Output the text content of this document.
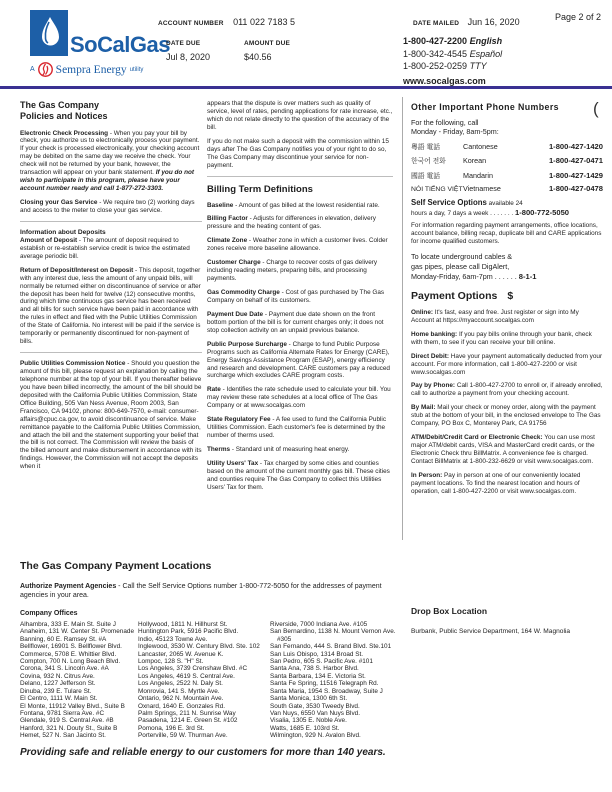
SoCalGas
A Sempra Energy utility
ACCOUNT NUMBER 011 022 7183 5
DATE DUE	AMOUNT DUE
Jul 8, 2020	$40.56
DATE MAILED Jun 16, 2020	Page 2 of 2
1-800-427-2200 English
1-800-342-4545 Español
1-800-252-0259 TTY
www.socalgas.com
The Gas Company
Policies and Notices

Electronic Check Processing - When you pay your bill by check, you authorize us to electronically process your payment. If your check is processed electronically, your checking account may be debited on the same day we receive the check. Your check will not be returned by your bank, however, the transaction will appear on your bank statement. If you do not wish to participate in this program, please have your account number ready and call 1-877-272-3303.

Closing your Gas Service - We require two (2) working days and access to the meter to close your gas service.

Information about Deposits

Amount of Deposit - The amount of deposit required to establish or re-establish service credit is twice the estimated average periodic bill.

Return of Deposit/Interest on Deposit - This deposit, together with any interest due, less the amount of any unpaid bills, will normally be returned either on discontinuance of service or after the deposit has been held for twelve (12) consecutive months, during which time continuous gas service has been received and all bills for such service have been paid in accordance with the rules in effect and filed with the Public Utilities Commission of the State of California. No interest will be paid if the service is temporarily or permanently discontinued for non-payment of bills.

Public Utilities Commission Notice - Should you question the amount of this bill, please request an explanation by calling the telephone number at the top of your bill. If you thereafter believe you have been billed incorrectly, the amount of the bill should be deposited with the California Public Utilities Commission, State Office Building, 505 Van Ness Avenue, Room 2003, San Francisco, CA 94102, phone: 800-649-7570, e-mail: consumer-affairs@cpuc.ca.gov, to avoid discontinuance of service. Make remittance payable to the California Public Utilities Commission, and attach the bill and the statement supporting your belief that the bill is not correct. The Commission will review the basis of the billed amount and make disbursement in accordance with its findings. However, the Commission will not accept the deposits when it

appears that the dispute is over matters such as quality of service, level of rates, pending applications for rate increase, etc., which do not relate directly to the question of the accuracy of the bill.

If you do not make such a deposit with the commission within 15 days after The Gas Company notifies you of your right to do so, The Gas Company may discontinue your service for non-payment.

Billing Term Definitions

Baseline - Amount of gas billed at the lowest residential rate.

Billing Factor - Adjusts for differences in elevation, delivery pressure and the heating content of gas.

Climate Zone - Weather zone in which a customer lives. Colder zones receive more baseline allowance.

Customer Charge - Charge to recover costs of gas delivery including reading meters, preparing bills, and processing payments.

Gas Commodity Charge - Cost of gas purchased by The Gas Company on behalf of its customers.

Payment Due Date - Payment due date shown on the front bottom portion of the bill is for current charges only; it does not stop collection activity on an unpaid previous balance.

Public Purpose Surcharge - Charge to fund Public Purpose Programs such as California Alternate Rates for Energy (CARE), Energy Savings Assistance Program (ESAP), energy efficiency and research and development. CARE customers pay a reduced surcharge which excludes CARE program costs.

Rate - Identifies the rate schedule used to calculate your bill. You may review these rate schedules at a local office of The Gas Company or at www.socalgas.com

State Regulatory Fee - A fee used to fund the California Public Utilities Commission. Each customer's fee is determined by the number of therms used.

Therms - Standard unit of measuring heat energy.

Utility Users' Tax - Tax charged by some cities and counties based on the amount of the current monthly gas bill. These cities and counties require The Gas Company to collect this Utilities Users' Tax for them.

Other Important Phone Numbers (

For the following, call
Monday - Friday, 8am-5pm:

粵語 電話	Cantonese	1-800-427-1420
한국어 전화	Korean	1-800-427-0471
國語 電話	Mandarin	1-800-427-1429
NÓI TIẾNG VIỆT Vietnamese	1-800-427-0478

Self Service Options available 24
hours a day, 7 days a week . . . . . . . 1-800-772-5050

For information regarding payment arrangements, office locations, account balance, billing recap, duplicate bill and CARE applications for income qualified customers.

To locate underground cables &
gas pipes, please call DigAlert,
Monday-Friday, 6am-7pm . . . . . . 8-1-1

Payment Options $

Online: It's fast, easy and free. Just register or sign into My Account at https://myaccount.socalgas.com

Home banking: If you pay bills online through your bank, check with them, to see if you can receive your bill online.

Direct Debit: Have your payment automatically deducted from your account. For more information, call 1-800-427-2200 or visit www.socalgas.com

Pay by Phone: Call 1-800-427-2700 to enroll or, if already enrolled, call to authorize a payment from your checking account.

By Mail: Mail your check or money order, along with the payment stub at the bottom of your bill, in the enclosed envelope to The Gas Company, PO Box C, Monterey Park, CA 91756

ATM/Debit/Credit Card or Electronic Check: You can use most major ATM/debit cards, VISA and MasterCard credit cards, or the Electronic Check thru BillMatrix. A convenience fee is charged. Contact BillMatrix at 1-800-232-6629 or visit www.socalgas.com.

In Person: Pay in person at one of our conveniently located payment locations. To find the nearest location and hours of operation, call 1-800-427-2200 or visit www.socalgas.com.

The Gas Company Payment Locations

Authorize Payment Agencies - Call the Self Service Options number 1-800-772-5050 for the addresses of payment agencies in your area.

Company Offices
Alhambra, 333 E. Main St. Suite J
Anaheim, 131 W. Center St. Promenade
Banning, 60 E. Ramsey St. #A
Bellflower, 16901 S. Bellflower Blvd.
Commerce, 5708 E. Whittier Blvd.
Compton, 700 N. Long Beach Blvd.
Corona, 341 S. Lincoln Ave. #A
Covina, 932 N. Citrus Ave.
Delano, 1227 Jefferson St.
Dinuba, 239 E. Tulare St.
El Centro, 1111 W. Main St.
El Monte, 11912 Valley Blvd., Suite B
Fontana, 9781 Sierra Ave. #C
Glendale, 919 S. Central Ave. #B
Hanford, 321 N. Douty St., Suite B
Hemet, 527 N. San Jacinto St.
Hollywood, 1811 N. Hillhurst St.
Huntington Park, 5916 Pacific Blvd.
Indio, 45123 Towne Ave.
Inglewood, 3530 W. Century Blvd. Ste. 102
Lancaster, 2065 W. Avenue K.
Lompoc, 128 S. "H" St.
Los Angeles, 3739 Crenshaw Blvd. #C
Los Angeles, 4619 S. Central Ave.
Los Angeles, 2522 N. Daly St.
Monrovia, 141 S. Myrtle Ave.
Ontario, 962 N. Mountain Ave.
Oxnard, 1640 E. Gonzales Rd.
Palm Springs, 211 N. Sunrise Way
Pasadena, 1214 E. Green St. #102
Pomona, 196 E. 3rd St.
Porterville, 59 W. Thurman Ave.
Riverside, 7000 Indiana Ave. #105
San Bernardino, 1138 N. Mount Vernon Ave. #305
San Fernando, 444 S. Brand Blvd. Ste.101
San Luis Obispo, 1314 Broad St.
San Pedro, 605 S. Pacific Ave. #101
Santa Ana, 738 S. Harbor Blvd.
Santa Barbara, 134 E. Victoria St.
Santa Fe Spring, 11516 Telegraph Rd.
Santa Maria, 1954 S. Broadway, Suite J
Santa Monica, 1300 6th St.
South Gate, 3530 Tweedy Blvd.
Van Nuys, 6550 Van Nuys Blvd.
Visalia, 1305 E. Noble Ave.
Watts, 1685 E. 103rd St.
Wilmington, 929 N. Avalon Blvd.
Drop Box Location
Burbank, Public Service Department, 164 W. Magnolia
Providing safe and reliable energy to our customers for more than 140 years.
